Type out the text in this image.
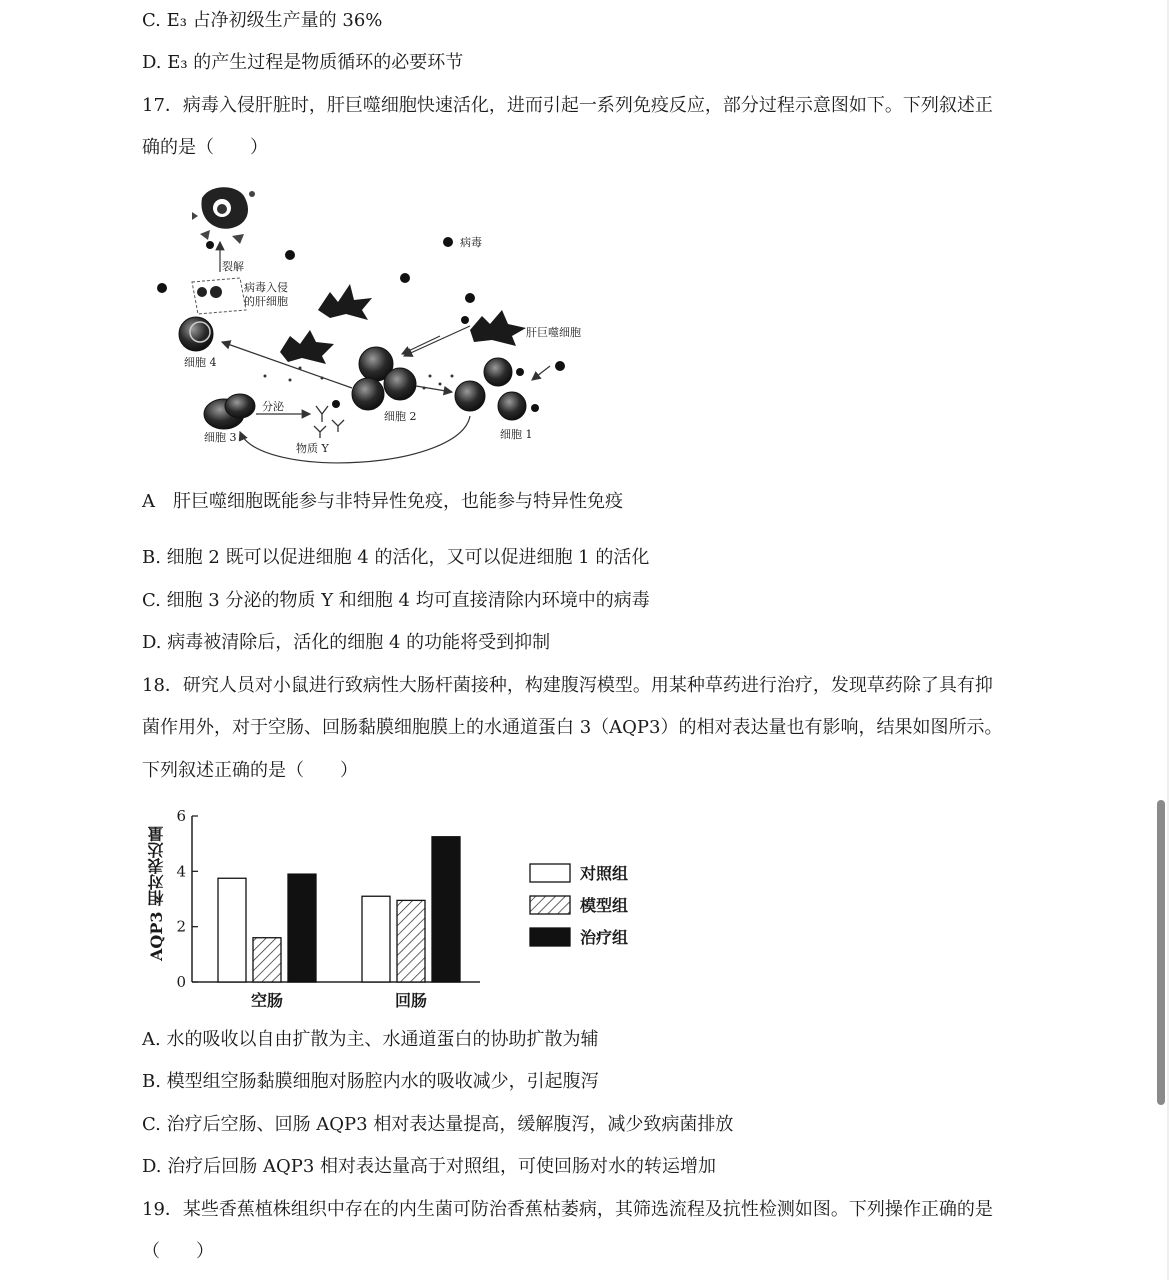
C. E₃ 占净初级生产量的 36%
D. E₃ 的产生过程是物质循环的必要环节
17．病毒入侵肝脏时，肝巨噬细胞快速活化，进而引起一系列免疫反应，部分过程示意图如下。下列叙述正
确的是（　　）
裂解
病毒入侵
的肝细胞
细胞 4
病毒
肝巨噬细胞
细胞 2
细胞 1
细胞 3
分泌
物质 Y
A　肝巨噬细胞既能参与非特异性免疫，也能参与特异性免疫
B. 细胞 2 既可以促进细胞 4 的活化，又可以促进细胞 1 的活化
C. 细胞 3 分泌的物质 Y 和细胞 4 均可直接清除内环境中的病毒
D. 病毒被清除后，活化的细胞 4 的功能将受到抑制
18．研究人员对小鼠进行致病性大肠杆菌接种，构建腹泻模型。用某种草药进行治疗，发现草药除了具有抑
菌作用外，对于空肠、回肠黏膜细胞膜上的水通道蛋白 3（AQP3）的相对表达量也有影响，结果如图所示。
下列叙述正确的是（　　）
AQP3 相对表达量
0
2
4
6
空肠	回肠
对照组
模型组
治疗组
A. 水的吸收以自由扩散为主、水通道蛋白的协助扩散为辅
B. 模型组空肠黏膜细胞对肠腔内水的吸收减少，引起腹泻
C. 治疗后空肠、回肠 AQP3 相对表达量提高，缓解腹泻，减少致病菌排放
D. 治疗后回肠 AQP3 相对表达量高于对照组，可使回肠对水的转运增加
19．某些香蕉植株组织中存在的内生菌可防治香蕉枯萎病，其筛选流程及抗性检测如图。下列操作正确的是
（　　）
